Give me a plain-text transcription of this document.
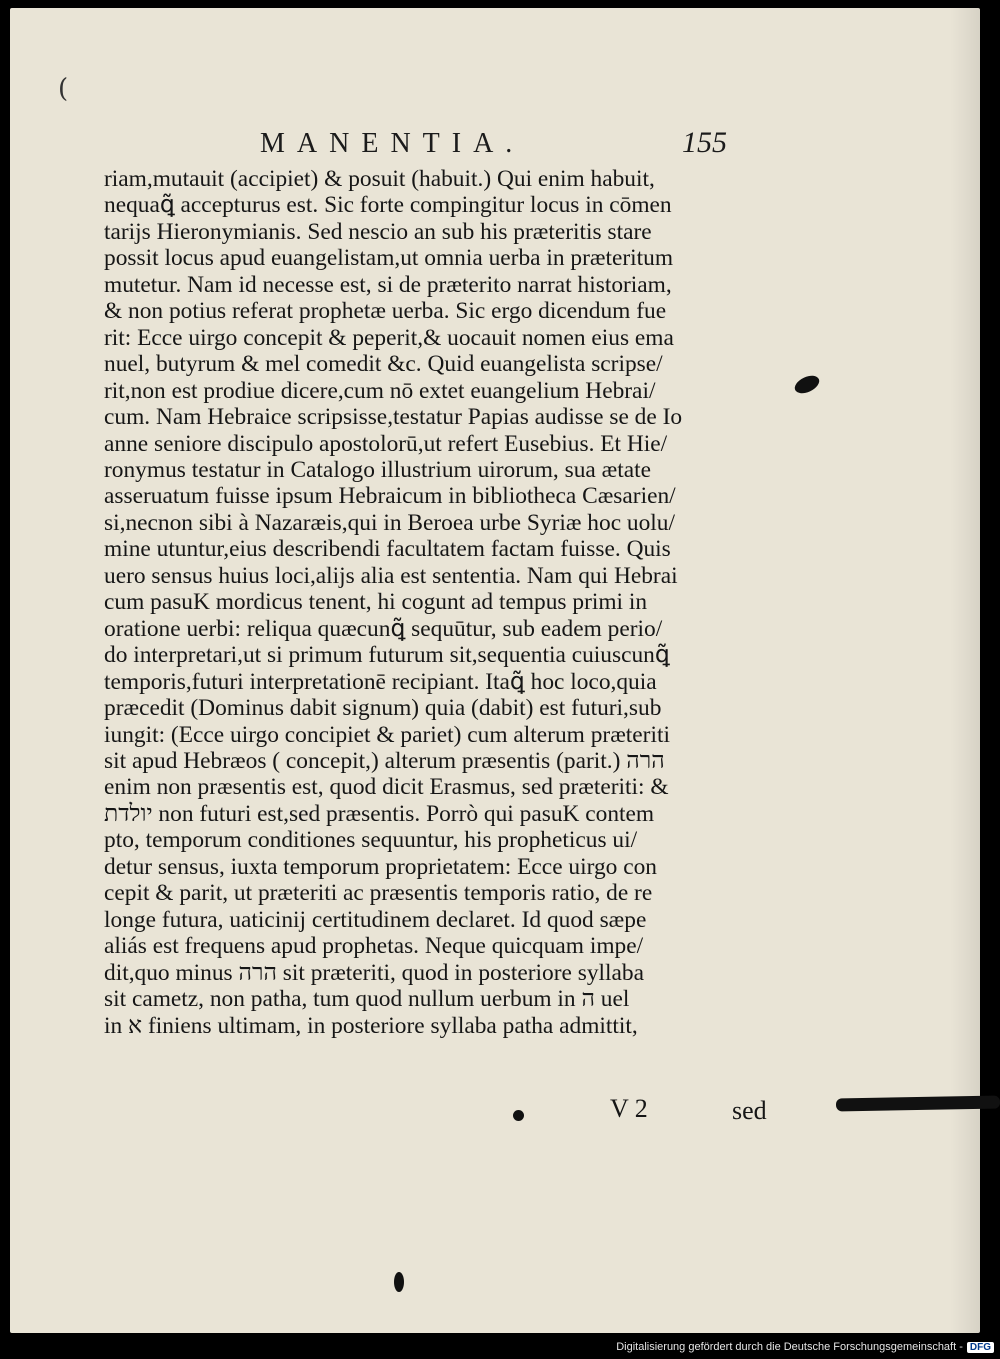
(
MANENTIA.	155
riam,mutauit (accipiet) & posuit (habuit.) Qui enim habuit,
nequaꝗ̃ accepturus est. Sic forte compingitur locus in cōmen
tarijs Hieronymianis. Sed nescio an sub his præteritis stare
possit locus apud euangelistam,ut omnia uerba in præteritum
mutetur. Nam id necesse est, si de præterito narrat historiam,
& non potius referat prophetæ uerba. Sic ergo dicendum fue
rit: Ecce uirgo concepit & peperit,& uocauit nomen eius ema
nuel, butyrum & mel comedit &c. Quid euangelista scripse/
rit,non est prodiue dicere,cum nō extet euangelium Hebrai/
cum. Nam Hebraice scripsisse,testatur Papias audisse se de Io
anne seniore discipulo apostolorū,ut refert Eusebius. Et Hie/
ronymus testatur in Catalogo illustrium uirorum, sua ætate
asseruatum fuisse ipsum Hebraicum in bibliotheca Cæsarien/
si,necnon sibi à Nazaræis,qui in Beroea urbe Syriæ hoc uolu/
mine utuntur,eius describendi facultatem factam fuisse. Quis
uero sensus huius loci,alijs alia est sententia. Nam qui Hebrai
cum pasuK mordicus tenent, hi cogunt ad tempus primi in
oratione uerbi: reliqua quæcunꝗ̃ sequūtur, sub eadem perio/
do interpretari,ut si primum futurum sit,sequentia cuiuscunꝗ̃
temporis,futuri interpretationē recipiant. Itaꝗ̃ hoc loco,quia
præcedit (Dominus dabit signum) quia (dabit) est futuri,sub
iungit: (Ecce uirgo concipiet & pariet) cum alterum præteriti
sit apud Hebræos ( concepit,) alterum præsentis (parit.) הרה
enim non præsentis est, quod dicit Erasmus, sed præteriti: &
יולדת non futuri est,sed præsentis. Porrò qui pasuK contem
pto, temporum conditiones sequuntur, his propheticus ui/
detur sensus, iuxta temporum proprietatem: Ecce uirgo con
cepit & parit, ut præteriti ac præsentis temporis ratio, de re
longe futura, uaticinij certitudinem declaret. Id quod sæpe
aliás est frequens apud prophetas. Neque quicquam impe/
dit,quo minus הרה sit præteriti, quod in posteriore syllaba
sit cametz, non patha, tum quod nullum uerbum in ה uel
in א finiens ultimam, in posteriore syllaba patha admittit,
V 2	sed
Digitalisierung gefördert durch die Deutsche Forschungsgemeinschaft - DFG
